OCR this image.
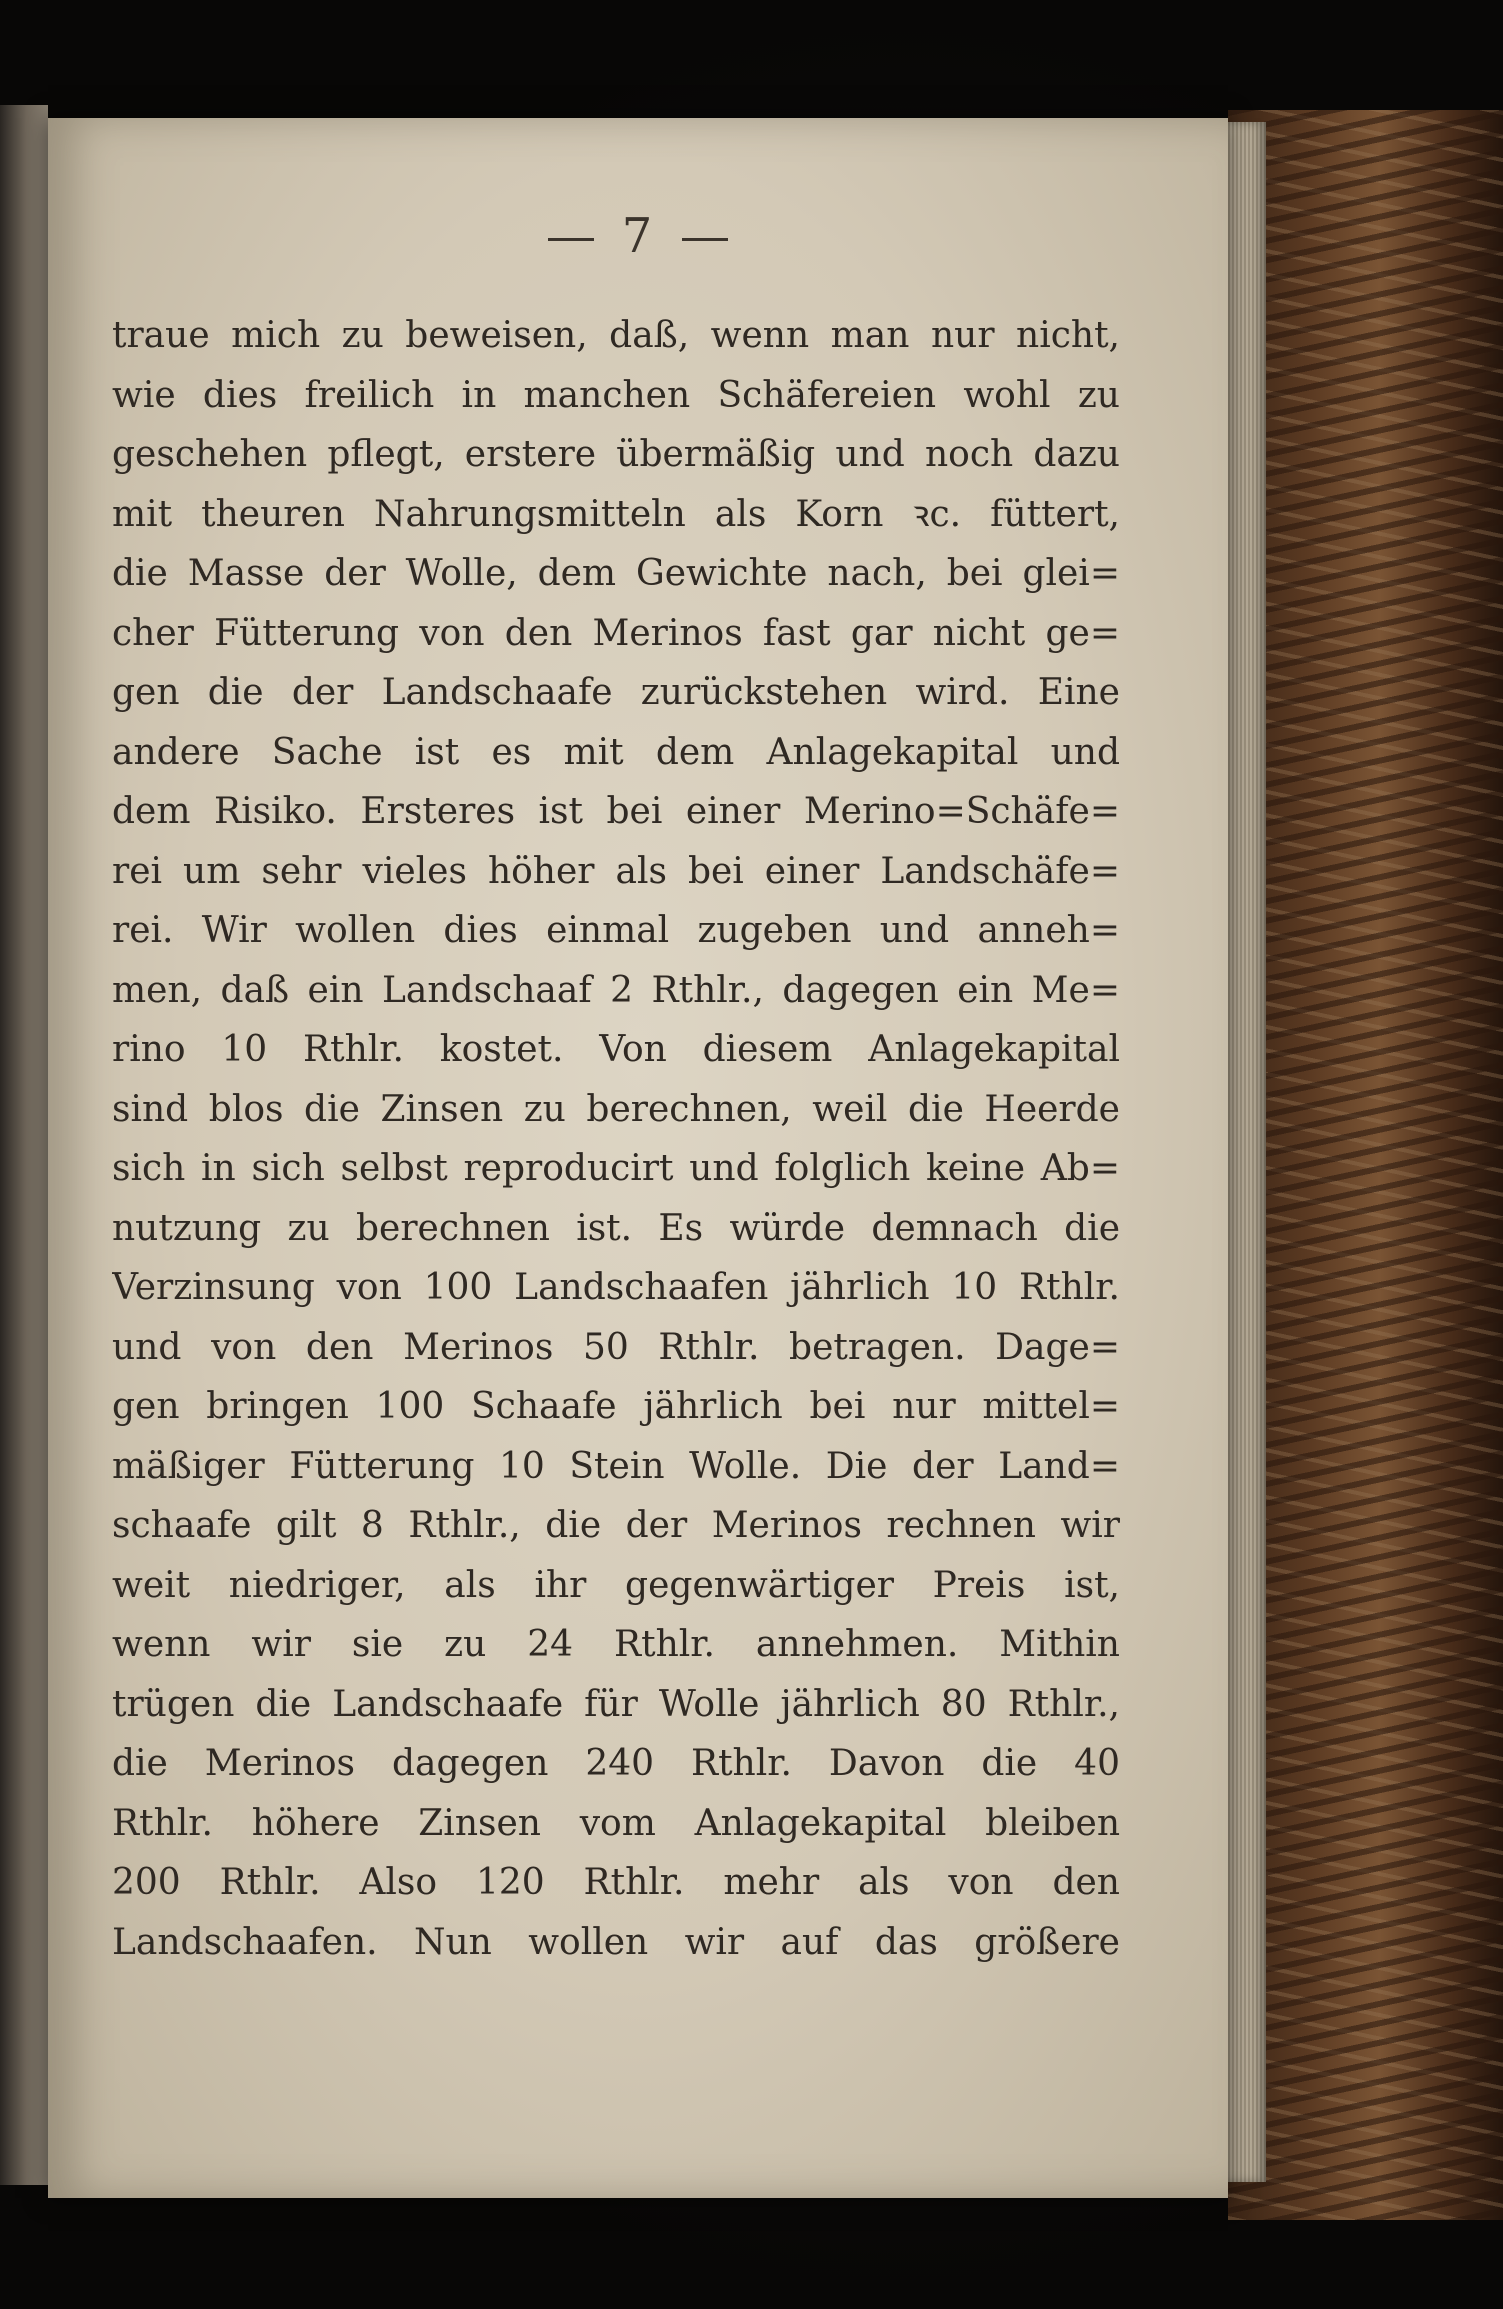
7
traue mich zu beweisen, daß, wenn man nur nicht,
wie dies freilich in manchen Schäfereien wohl zu
geschehen pflegt, erstere übermäßig und noch dazu
mit theuren Nahrungsmitteln als Korn ꝛc. füttert,
die Masse der Wolle, dem Gewichte nach, bei glei=
cher Fütterung von den Merinos fast gar nicht ge=
gen die der Landschaafe zurückstehen wird. Eine
andere Sache ist es mit dem Anlagekapital und
dem Risiko. Ersteres ist bei einer Merino=Schäfe=
rei um sehr vieles höher als bei einer Landschäfe=
rei. Wir wollen dies einmal zugeben und anneh=
men, daß ein Landschaaf 2 Rthlr., dagegen ein Me=
rino 10 Rthlr. kostet. Von diesem Anlagekapital
sind blos die Zinsen zu berechnen, weil die Heerde
sich in sich selbst reproducirt und folglich keine Ab=
nutzung zu berechnen ist. Es würde demnach die
Verzinsung von 100 Landschaafen jährlich 10 Rthlr.
und von den Merinos 50 Rthlr. betragen. Dage=
gen bringen 100 Schaafe jährlich bei nur mittel=
mäßiger Fütterung 10 Stein Wolle. Die der Land=
schaafe gilt 8 Rthlr., die der Merinos rechnen wir
weit niedriger, als ihr gegenwärtiger Preis ist,
wenn wir sie zu 24 Rthlr. annehmen. Mithin
trügen die Landschaafe für Wolle jährlich 80 Rthlr.,
die Merinos dagegen 240 Rthlr. Davon die 40
Rthlr. höhere Zinsen vom Anlagekapital bleiben
200 Rthlr. Also 120 Rthlr. mehr als von den
Landschaafen. Nun wollen wir auf das größere
